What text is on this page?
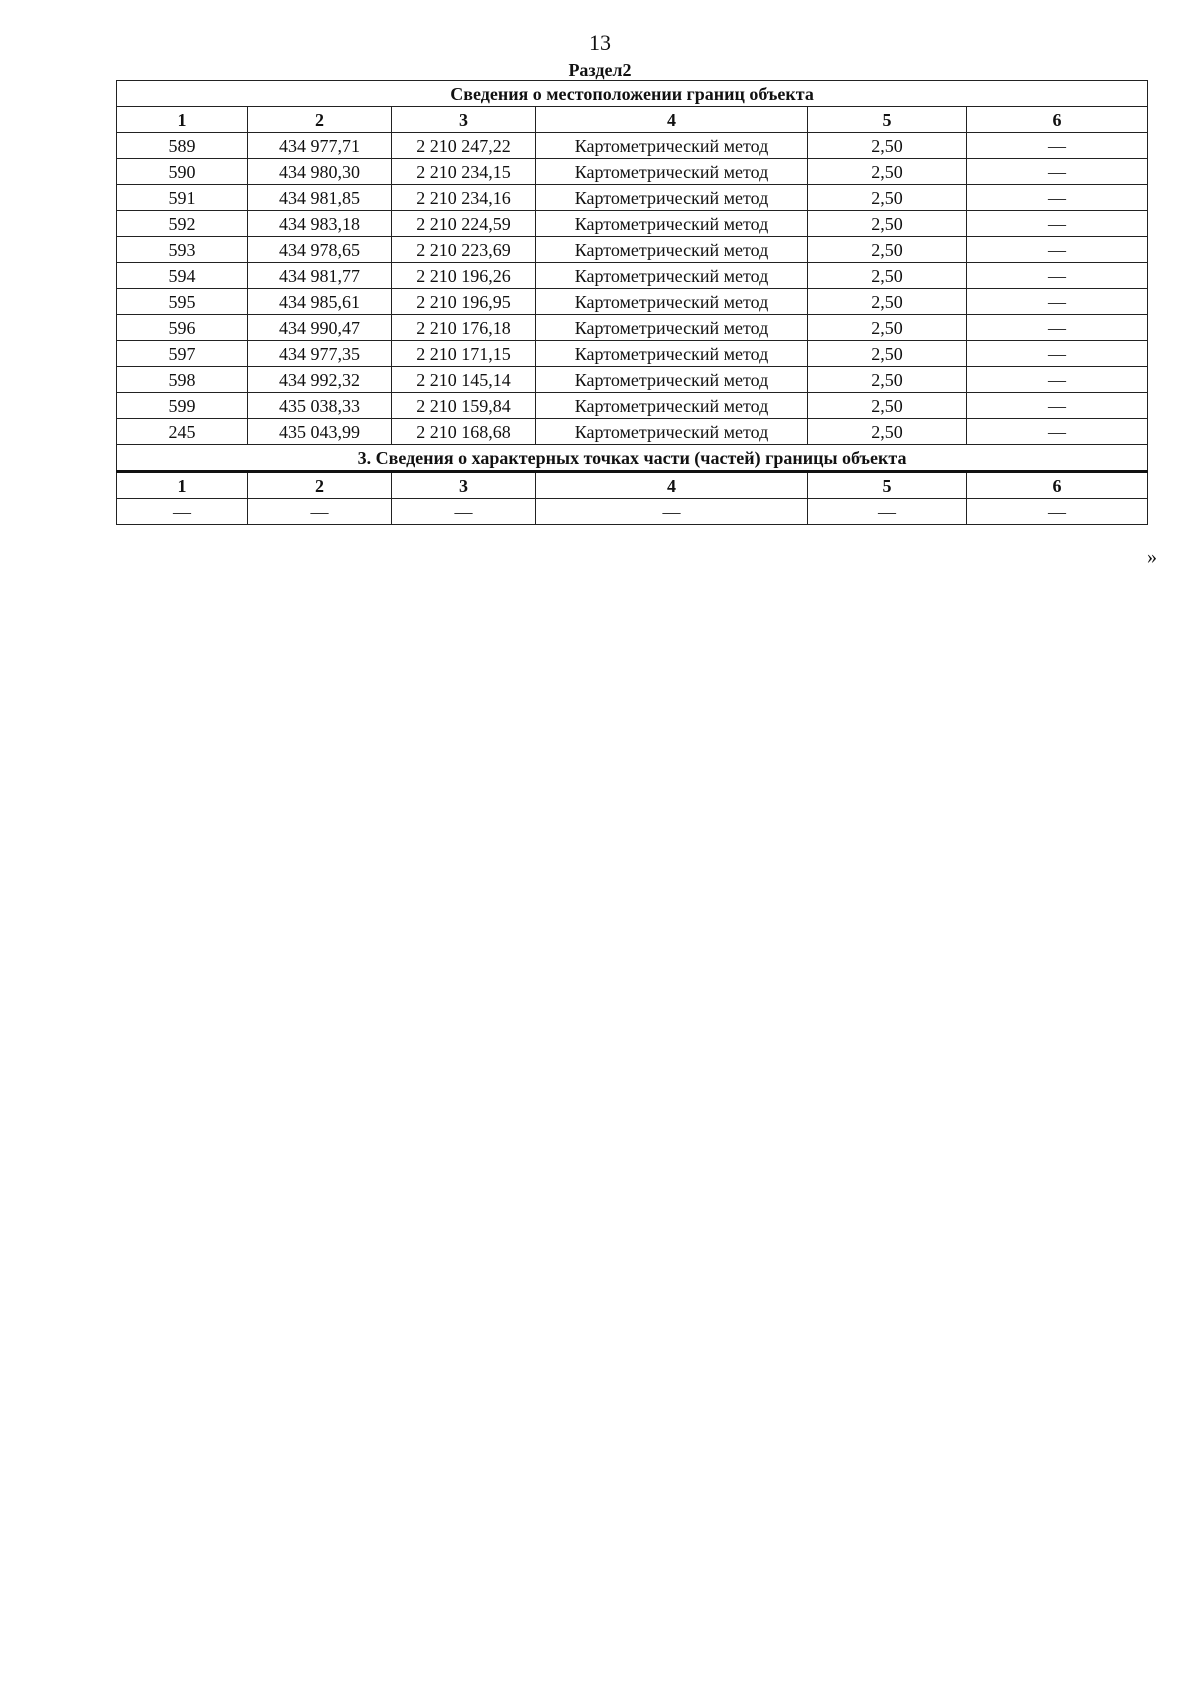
13
Раздел2
Сведения о местоположении границ объекта					
1	2	3	4	5	6
589	434 977,71	2 210 247,22	Картометрический метод	2,50	—
590	434 980,30	2 210 234,15	Картометрический метод	2,50	—
591	434 981,85	2 210 234,16	Картометрический метод	2,50	—
592	434 983,18	2 210 224,59	Картометрический метод	2,50	—
593	434 978,65	2 210 223,69	Картометрический метод	2,50	—
594	434 981,77	2 210 196,26	Картометрический метод	2,50	—
595	434 985,61	2 210 196,95	Картометрический метод	2,50	—
596	434 990,47	2 210 176,18	Картометрический метод	2,50	—
597	434 977,35	2 210 171,15	Картометрический метод	2,50	—
598	434 992,32	2 210 145,14	Картометрический метод	2,50	—
599	435 038,33	2 210 159,84	Картометрический метод	2,50	—
245	435 043,99	2 210 168,68	Картометрический метод	2,50	—
3. Сведения о характерных точках части (частей) границы объекта					
1	2	3	4	5	6
—	—	—	—	—	—
»
